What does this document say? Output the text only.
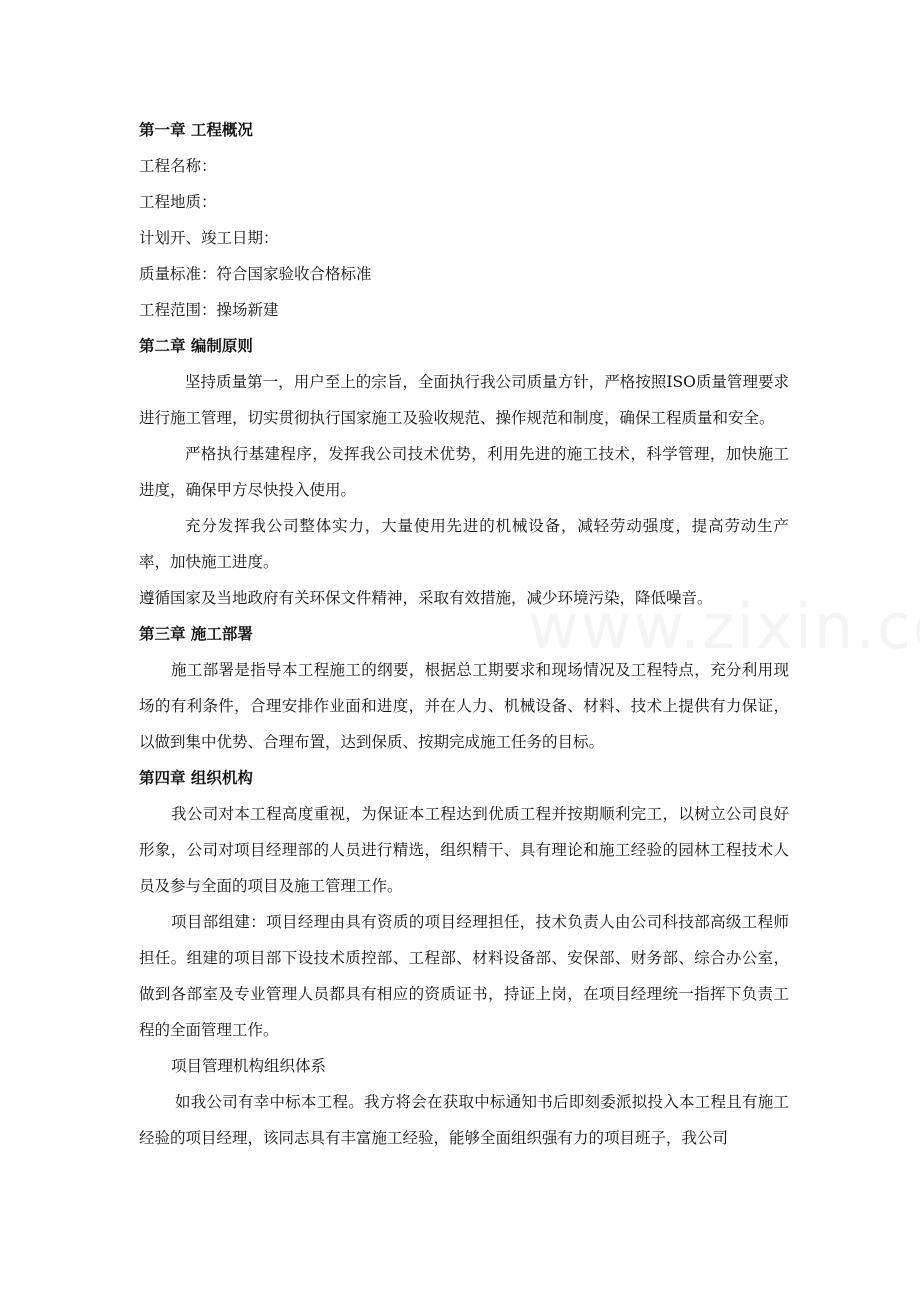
第一章 工程概况

工程名称：

工程地质：

计划开、竣工日期：

质量标准：符合国家验收合格标准

工程范围：操场新建

第二章 编制原则

坚持质量第一，用户至上的宗旨，全面执行我公司质量方针，严格按照ISO质量管理要求进行施工管理，切实贯彻执行国家施工及验收规范、操作规范和制度，确保工程质量和安全。

严格执行基建程序，发挥我公司技术优势，利用先进的施工技术，科学管理，加快施工进度，确保甲方尽快投入使用。

充分发挥我公司整体实力，大量使用先进的机械设备，减轻劳动强度，提高劳动生产率，加快施工进度。

遵循国家及当地政府有关环保文件精神，采取有效措施，减少环境污染，降低噪音。

第三章 施工部署

施工部署是指导本工程施工的纲要，根据总工期要求和现场情况及工程特点，充分利用现场的有利条件，合理安排作业面和进度，并在人力、机械设备、材料、技术上提供有力保证，以做到集中优势、合理布置，达到保质、按期完成施工任务的目标。

第四章 组织机构

我公司对本工程高度重视，为保证本工程达到优质工程并按期顺利完工，以树立公司良好形象，公司对项目经理部的人员进行精选，组织精干、具有理论和施工经验的园林工程技术人员及参与全面的项目及施工管理工作。

项目部组建：项目经理由具有资质的项目经理担任，技术负责人由公司科技部高级工程师担任。组建的项目部下设技术质控部、工程部、材料设备部、安保部、财务部、综合办公室，做到各部室及专业管理人员都具有相应的资质证书，持证上岗，在项目经理统一指挥下负责工程的全面管理工作。

项目管理机构组织体系

如我公司有幸中标本工程。我方将会在获取中标通知书后即刻委派拟投入本工程且有施工经验的项目经理，该同志具有丰富施工经验，能够全面组织强有力的项目班子，我公司
